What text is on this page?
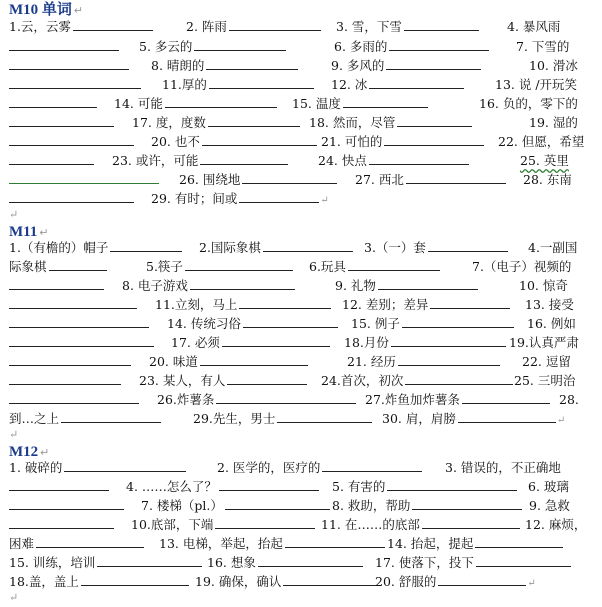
M10 单词 ↵
1.云，云雾	2. 阵雨	3. 雪，下雪	4. 暴风雨
5. 多云的	6. 多雨的	7. 下雪的
8. 晴朗的	9. 多风的	10. 滑冰
11.厚的	12. 冰	13. 说 /开玩笑
14. 可能	15. 温度	16. 负的，零下的
17. 度，度数	18. 然而，尽管	19. 湿的
20. 也不	21. 可怕的	22. 但愿，希望
23. 或许，可能	24. 快点	25. 英里
26. 围绕地	27. 西北	28. 东南
29. 有时；间或	↵
↵
M11 ↵
1.（有檐的）帽子	2.国际象棋	3.（一）套	4.一副国
际象棋	5.筷子	6.玩具	7.（电子）视频的
8. 电子游戏	9. 礼物	10. 惊奇
11.立刻，马上	12. 差别；差异	13. 接受
14. 传统习俗	15. 例子	16. 例如
17. 必须	18.月份	19.认真严肃
20. 味道	21. 经历	22. 逗留
23. 某人，有人	24.首次，初次	25. 三明治
26.炸薯条	27.炸鱼加炸薯条	28.
到…之上	29.先生，男士	30. 肩，肩膀	↵
↵
M12 ↵
1. 破碎的	2. 医学的，医疗的	3. 错误的，不正确地
4. ……怎么了？	5. 有害的	6. 玻璃
7. 楼梯（pl.）	8. 救助，帮助	9. 急救
10.底部，下端	11. 在……的底部	12. 麻烦，
困难	13. 电梯，举起，抬起	14. 抬起，提起
15. 训练，培训	16. 想象	17. 使落下，投下
18.盖，盖上	19. 确保，确认	20. 舒服的	↵
↵
